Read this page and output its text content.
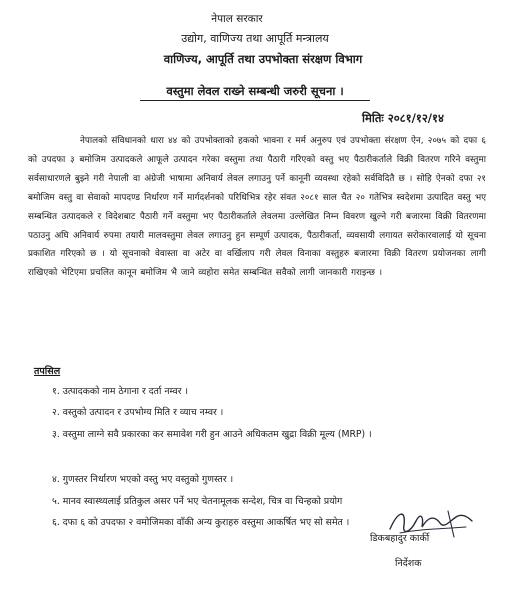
नेपाल सरकार
उद्योग, वाणिज्य तथा आपूर्ति मन्त्रालय
वाणिज्य, आपूर्ति तथा उपभोक्ता संरक्षण विभाग
वस्तुमा लेवल राख्ने सम्बन्धी जरुरी सूचना ।
मितिः २०८१/१२/१४
नेपालको संविधानको धारा ४४ को उपभोक्ताको हकको भावना र मर्म अनुरुप एवं उपभोक्ता संरक्षण ऐन, २०७५ को दफा ६ को उपदफा ३ बमोजिम उत्पादकले आफूले उत्पादन गरेका वस्तुमा तथा पैठारी गरिएको वस्तु भए पैठारीकर्ताले विक्री वितरण गरिने वस्तुमा सर्वसाधारणले बुझ्ने गरी नेपाली वा अंग्रेजी भाषामा अनिवार्य लेवल लगाउनु पर्ने कानूनी व्यवस्था रहेको सर्वविदितै छ । सोहि ऐनको दफा २१ बमोजिम वस्तु वा सेवाको मापदण्ड निर्धारण गर्ने मार्गदर्शनको परिधिभित्र रहेर संवत २०८१ साल चैत २० गतेभित्र स्वदेशमा उत्पादित वस्तु भए सम्बन्धित उत्पादकले र विदेशबाट पैठारी गर्ने वस्तुमा भए पैठारीकर्ताले लेवलमा उल्लेखित निम्न विवरण खुल्ने गरी बजारमा विक्री वितरणमा पठाउनु अघि अनिवार्य रुपमा तयारी मालवस्तुमा लेवल लगाउनु हुन सम्पूर्ण उत्पादक, पैठारीकर्ता, व्यवसायी लगायत सरोकारवालाई यो सूचना प्रकाशित गरिएको छ । यो सूचनाको वेवास्ता वा अटेर वा वर्खिलाप गरी लेवल विनाका वस्तुहरु बजारमा विक्री वितरण प्रयोजनका लागी राखिएको भेटिएमा प्रचलित कानून बमोजिम भै जाने व्यहोरा समेत सम्बन्धित सवैको लागी जानकारी गराइन्छ ।
तपसिल
१. उत्पादकको नाम ठेगाना र दर्ता नम्वर ।
२. वस्तुको उत्पादन र उपभोग्य मिति र व्याच नम्वर ।
३. वस्तुमा लाग्ने सवै प्रकारका कर समावेश गरी हुन आउने अधिकतम खुद्रा विक्री मूल्य (MRP) ।
४. गुणस्तर निर्धारण भएको वस्तु भए वस्तुको गुणस्तर ।
५. मानव स्वास्थ्यलाई प्रतिकुल असर पर्ने भए चेतनामूलक सन्देश, चित्र वा चिन्हको प्रयोग
६. दफा ६ को उपदफा २ वमोजिमका वाँकी अन्य कुराहरु वस्तुमा आकर्षित भए सो समेत ।
डिकबहादुर कार्की
निर्देशक
